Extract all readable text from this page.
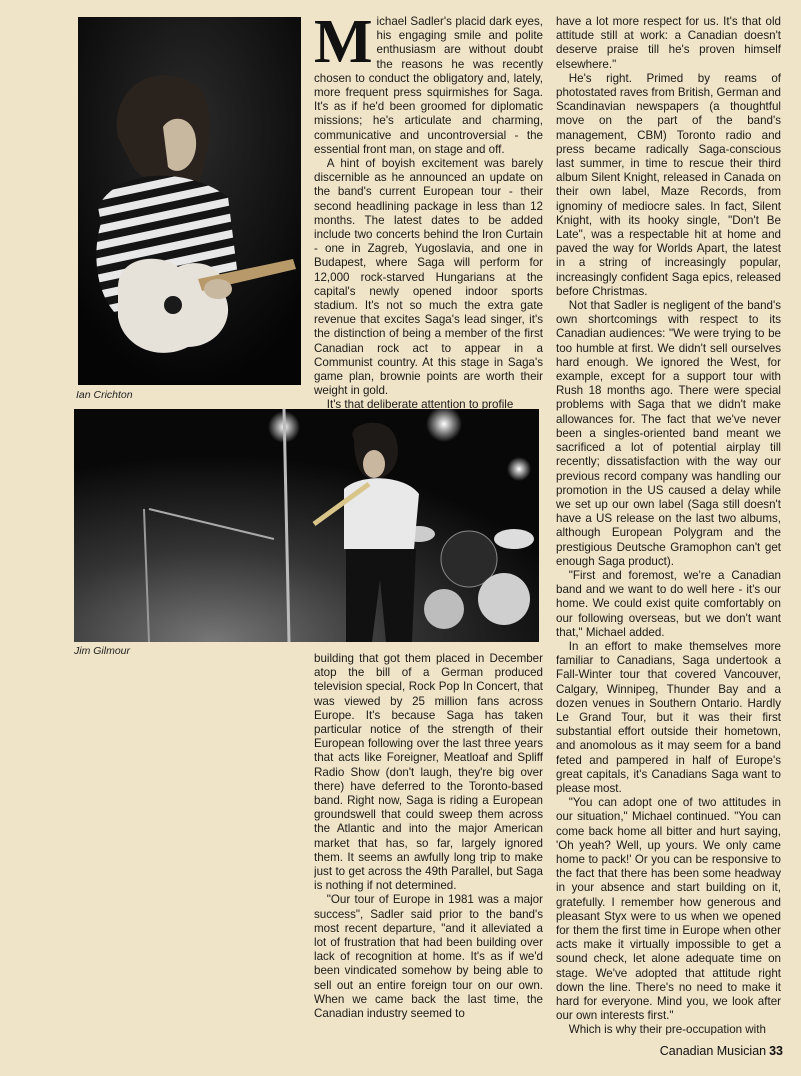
Ian Crichton
Jim Gilmour

Michael Sadler's placid dark eyes, his engaging smile and polite enthusiasm are without doubt the reasons he was recently chosen to conduct the obligatory and, lately, more frequent press squirmishes for Saga. It's as if he'd been groomed for diplomatic missions; he's articulate and charming, communicative and uncontroversial - the essential front man, on stage and off.

A hint of boyish excitement was barely discernible as he announced an update on the band's current European tour - their second headlining package in less than 12 months. The latest dates to be added include two concerts behind the Iron Curtain - one in Zagreb, Yugoslavia, and one in Budapest, where Saga will perform for 12,000 rock-starved Hungarians at the capital's newly opened indoor sports stadium. It's not so much the extra gate revenue that excites Saga's lead singer, it's the distinction of being a member of the first Canadian rock act to appear in a Communist country. At this stage in Saga's game plan, brownie points are worth their weight in gold.

It's that deliberate attention to profile

building that got them placed in December atop the bill of a German produced television special, Rock Pop In Concert, that was viewed by 25 million fans across Europe. It's because Saga has taken particular notice of the strength of their European following over the last three years that acts like Foreigner, Meatloaf and Spliff Radio Show (don't laugh, they're big over there) have deferred to the Toronto-based band. Right now, Saga is riding a European groundswell that could sweep them across the Atlantic and into the major American market that has, so far, largely ignored them. It seems an awfully long trip to make just to get across the 49th Parallel, but Saga is nothing if not determined.

"Our tour of Europe in 1981 was a major success", Sadler said prior to the band's most recent departure, "and it alleviated a lot of frustration that had been building over lack of recognition at home. It's as if we'd been vindicated somehow by being able to sell out an entire foreign tour on our own. When we came back the last time, the Canadian industry seemed to

have a lot more respect for us. It's that old attitude still at work: a Canadian doesn't deserve praise till he's proven himself elsewhere."

He's right. Primed by reams of photostated raves from British, German and Scandinavian newspapers (a thoughtful move on the part of the band's management, CBM) Toronto radio and press became radically Saga-conscious last summer, in time to rescue their third album Silent Knight, released in Canada on their own label, Maze Records, from ignominy of mediocre sales. In fact, Silent Knight, with its hooky single, "Don't Be Late", was a respectable hit at home and paved the way for Worlds Apart, the latest in a string of increasingly popular, increasingly confident Saga epics, released before Christmas.

Not that Sadler is negligent of the band's own shortcomings with respect to its Canadian audiences: "We were trying to be too humble at first. We didn't sell ourselves hard enough. We ignored the West, for example, except for a support tour with Rush 18 months ago. There were special problems with Saga that we didn't make allowances for. The fact that we've never been a singles-oriented band meant we sacrificed a lot of potential airplay till recently; dissatisfaction with the way our previous record company was handling our promotion in the US caused a delay while we set up our own label (Saga still doesn't have a US release on the last two albums, although European Polygram and the prestigious Deutsche Gramophon can't get enough Saga product).

"First and foremost, we're a Canadian band and we want to do well here - it's our home. We could exist quite comfortably on our following overseas, but we don't want that," Michael added.

In an effort to make themselves more familiar to Canadians, Saga undertook a Fall-Winter tour that covered Vancouver, Calgary, Winnipeg, Thunder Bay and a dozen venues in Southern Ontario. Hardly Le Grand Tour, but it was their first substantial effort outside their hometown, and anomolous as it may seem for a band feted and pampered in half of Europe's great capitals, it's Canadians Saga want to please most.

"You can adopt one of two attitudes in our situation," Michael continued. "You can come back home all bitter and hurt saying, 'Oh yeah? Well, up yours. We only came home to pack!' Or you can be responsive to the fact that there has been some headway in your absence and start building on it, gratefully. I remember how generous and pleasant Styx were to us when we opened for them the first time in Europe when other acts make it virtually impossible to get a sound check, let alone adequate time on stage. We've adopted that attitude right down the line. There's no need to make it hard for everyone. Mind you, we look after our own interests first."

Which is why their pre-occupation with

Canadian Musician 33
